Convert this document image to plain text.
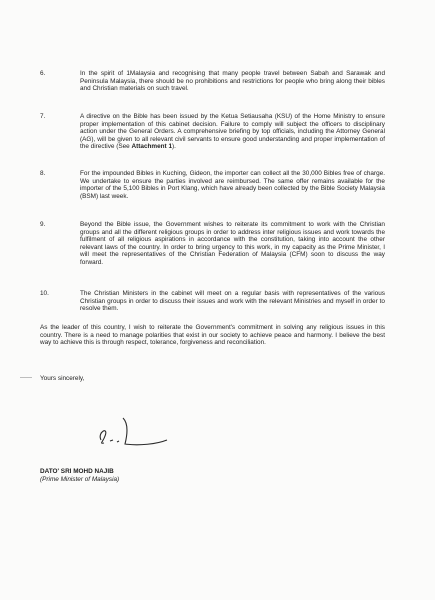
6.	In the spirit of 1Malaysia and recognising that many people travel between Sabah and Sarawak and Peninsula Malaysia, there should be no prohibitions and restrictions for people who bring along their bibles and Christian materials on such travel.
7.	A directive on the Bible has been issued by the Ketua Setiausaha (KSU) of the Home Ministry to ensure proper implementation of this cabinet decision. Failure to comply will subject the officers to disciplinary action under the General Orders. A comprehensive briefing by top officials, including the Attorney General (AG), will be given to all relevant civil servants to ensure good understanding and proper implementation of the directive (See Attachment 1).
8.	For the impounded Bibles in Kuching, Gideon, the importer can collect all the 30,000 Bibles free of charge. We undertake to ensure the parties involved are reimbursed. The same offer remains available for the importer of the 5,100 Bibles in Port Klang, which have already been collected by the Bible Society Malaysia (BSM) last week.
9.	Beyond the Bible issue, the Government wishes to reiterate its commitment to work with the Christian groups and all the different religious groups in order to address inter religious issues and work towards the fulfilment of all religious aspirations in accordance with the constitution, taking into account the other relevant laws of the country. In order to bring urgency to this work, in my capacity as the Prime Minister, I will meet the representatives of the Christian Federation of Malaysia (CFM) soon to discuss the way forward.
10.	The Christian Ministers in the cabinet will meet on a regular basis with representatives of the various Christian groups in order to discuss their issues and work with the relevant Ministries and myself in order to resolve them.
As the leader of this country, I wish to reiterate the Government's commitment in solving any religious issues in this country. There is a need to manage polarities that exist in our society to achieve peace and harmony. I believe the best way to achieve this is through respect, tolerance, forgiveness and reconciliation.
Yours sincerely,
DATO' SRI MOHD NAJIB
(Prime Minister of Malaysia)
